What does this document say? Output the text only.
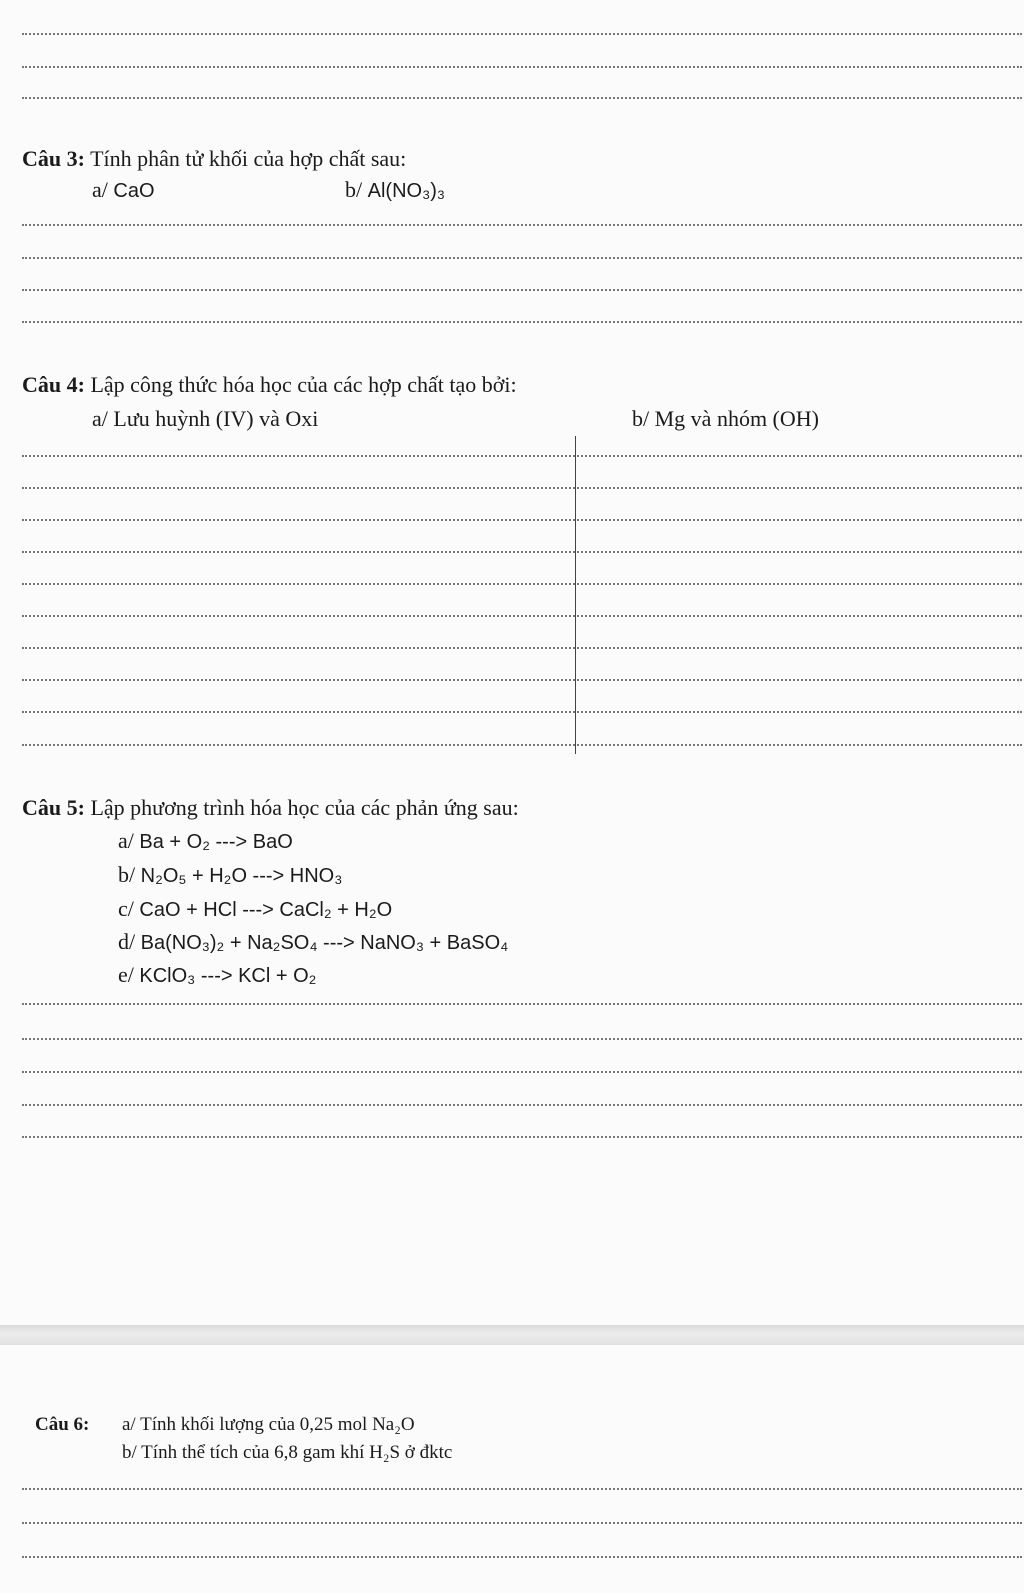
Câu 3: Tính phân tử khối của hợp chất sau:
a/ CaO	b/ Al(NO₃)₃
Câu 4: Lập công thức hóa học của các hợp chất tạo bởi:
a/ Lưu huỳnh (IV) và Oxi	b/ Mg và nhóm (OH)
Câu 5: Lập phương trình hóa học của các phản ứng sau:
a/ Ba + O₂ ---> BaO
b/ N₂O₅ + H₂O ---> HNO₃
c/ CaO + HCl ---> CaCl₂ + H₂O
d/ Ba(NO₃)₂ + Na₂SO₄ ---> NaNO₃ + BaSO₄
e/ KClO₃ ---> KCl + O₂
Câu 6: a/ Tính khối lượng của 0,25 mol Na₂O
b/ Tính thể tích của 6,8 gam khí H₂S ở đktc
